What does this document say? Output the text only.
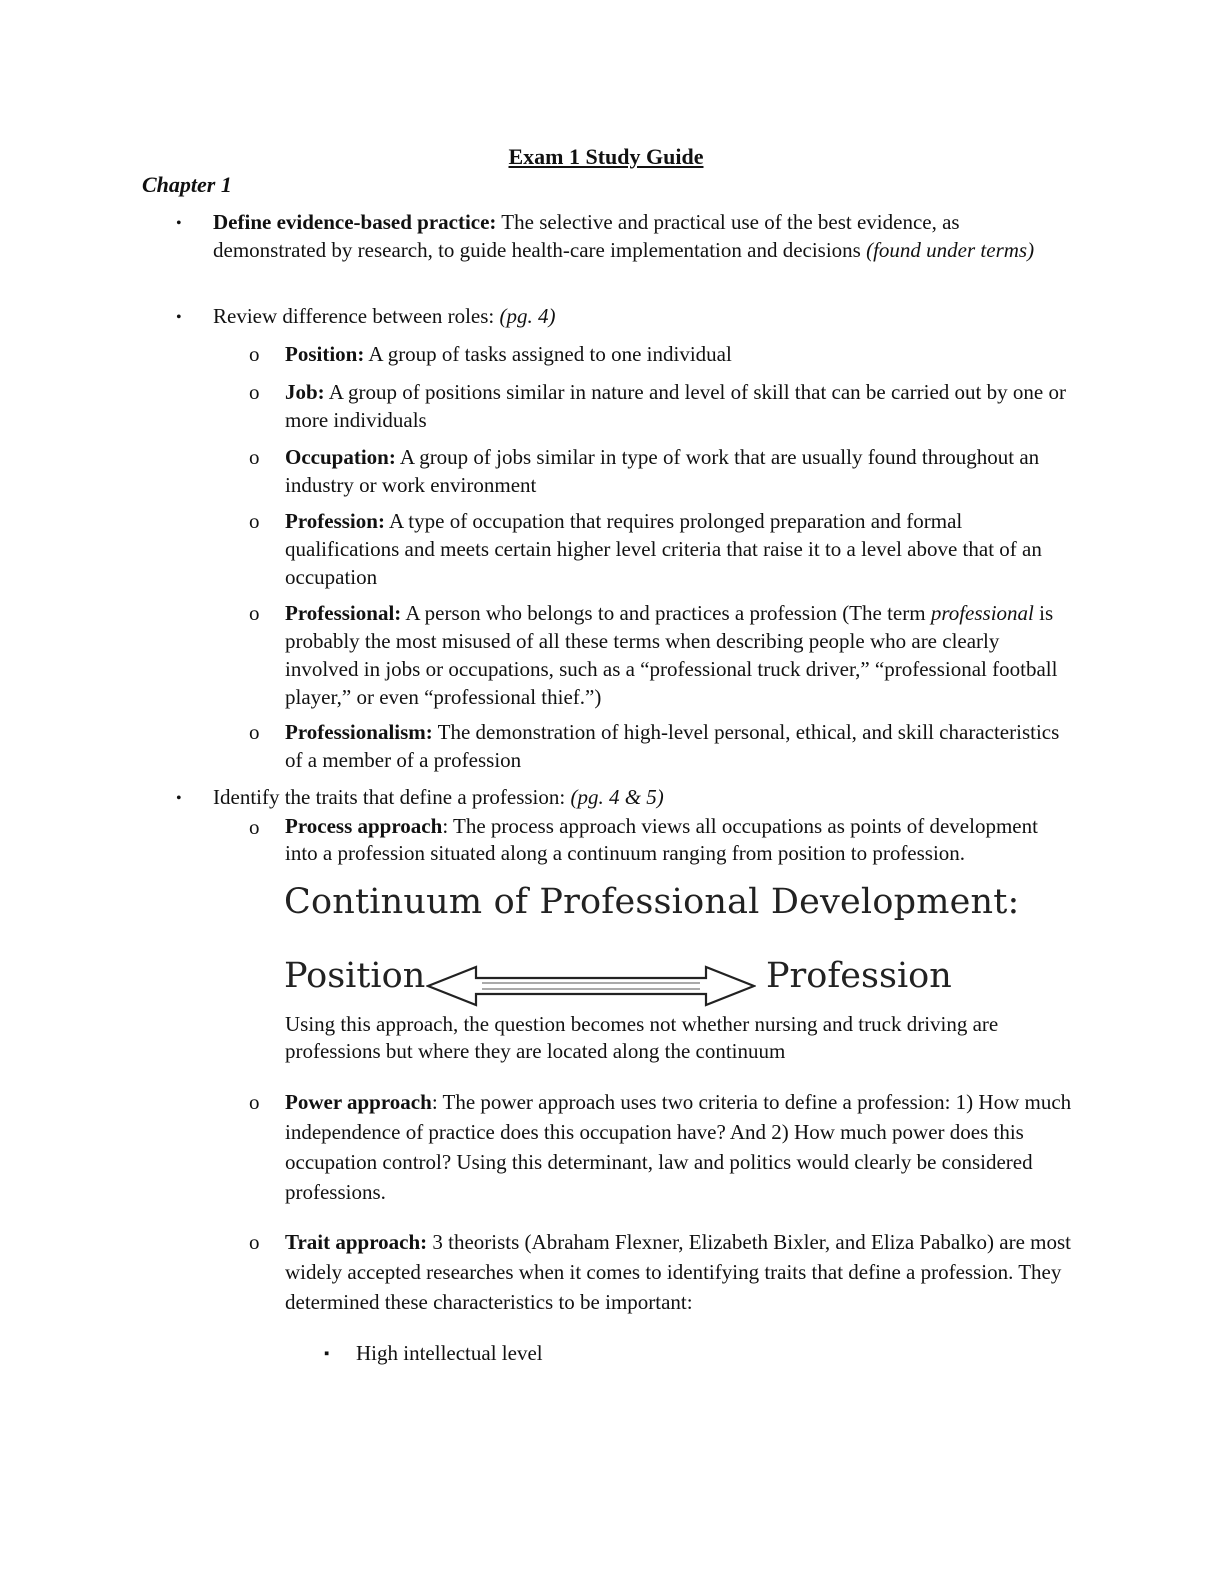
Exam 1 Study Guide
Chapter 1
• Define evidence-based practice: The selective and practical use of the best evidence, as demonstrated by research, to guide health-care implementation and decisions (found under terms)
• Review difference between roles: (pg. 4)
o Position: A group of tasks assigned to one individual
o Job: A group of positions similar in nature and level of skill that can be carried out by one or more individuals
o Occupation: A group of jobs similar in type of work that are usually found throughout an industry or work environment
o Profession: A type of occupation that requires prolonged preparation and formal qualifications and meets certain higher level criteria that raise it to a level above that of an occupation
o Professional: A person who belongs to and practices a profession (The term professional is probably the most misused of all these terms when describing people who are clearly involved in jobs or occupations, such as a “professional truck driver,” “professional football player,” or even “professional thief.”)
o Professionalism: The demonstration of high-level personal, ethical, and skill characteristics of a member of a profession
• Identify the traits that define a profession: (pg. 4 & 5)
o Process approach: The process approach views all occupations as points of development into a profession situated along a continuum ranging from position to profession.
Continuum of Professional Development:
Position	Profession
Using this approach, the question becomes not whether nursing and truck driving are professions but where they are located along the continuum
o Power approach: The power approach uses two criteria to define a profession: 1) How much independence of practice does this occupation have? And 2) How much power does this occupation control? Using this determinant, law and politics would clearly be considered professions.
o Trait approach: 3 theorists (Abraham Flexner, Elizabeth Bixler, and Eliza Pabalko) are most widely accepted researches when it comes to identifying traits that define a profession. They determined these characteristics to be important:
▪ High intellectual level
